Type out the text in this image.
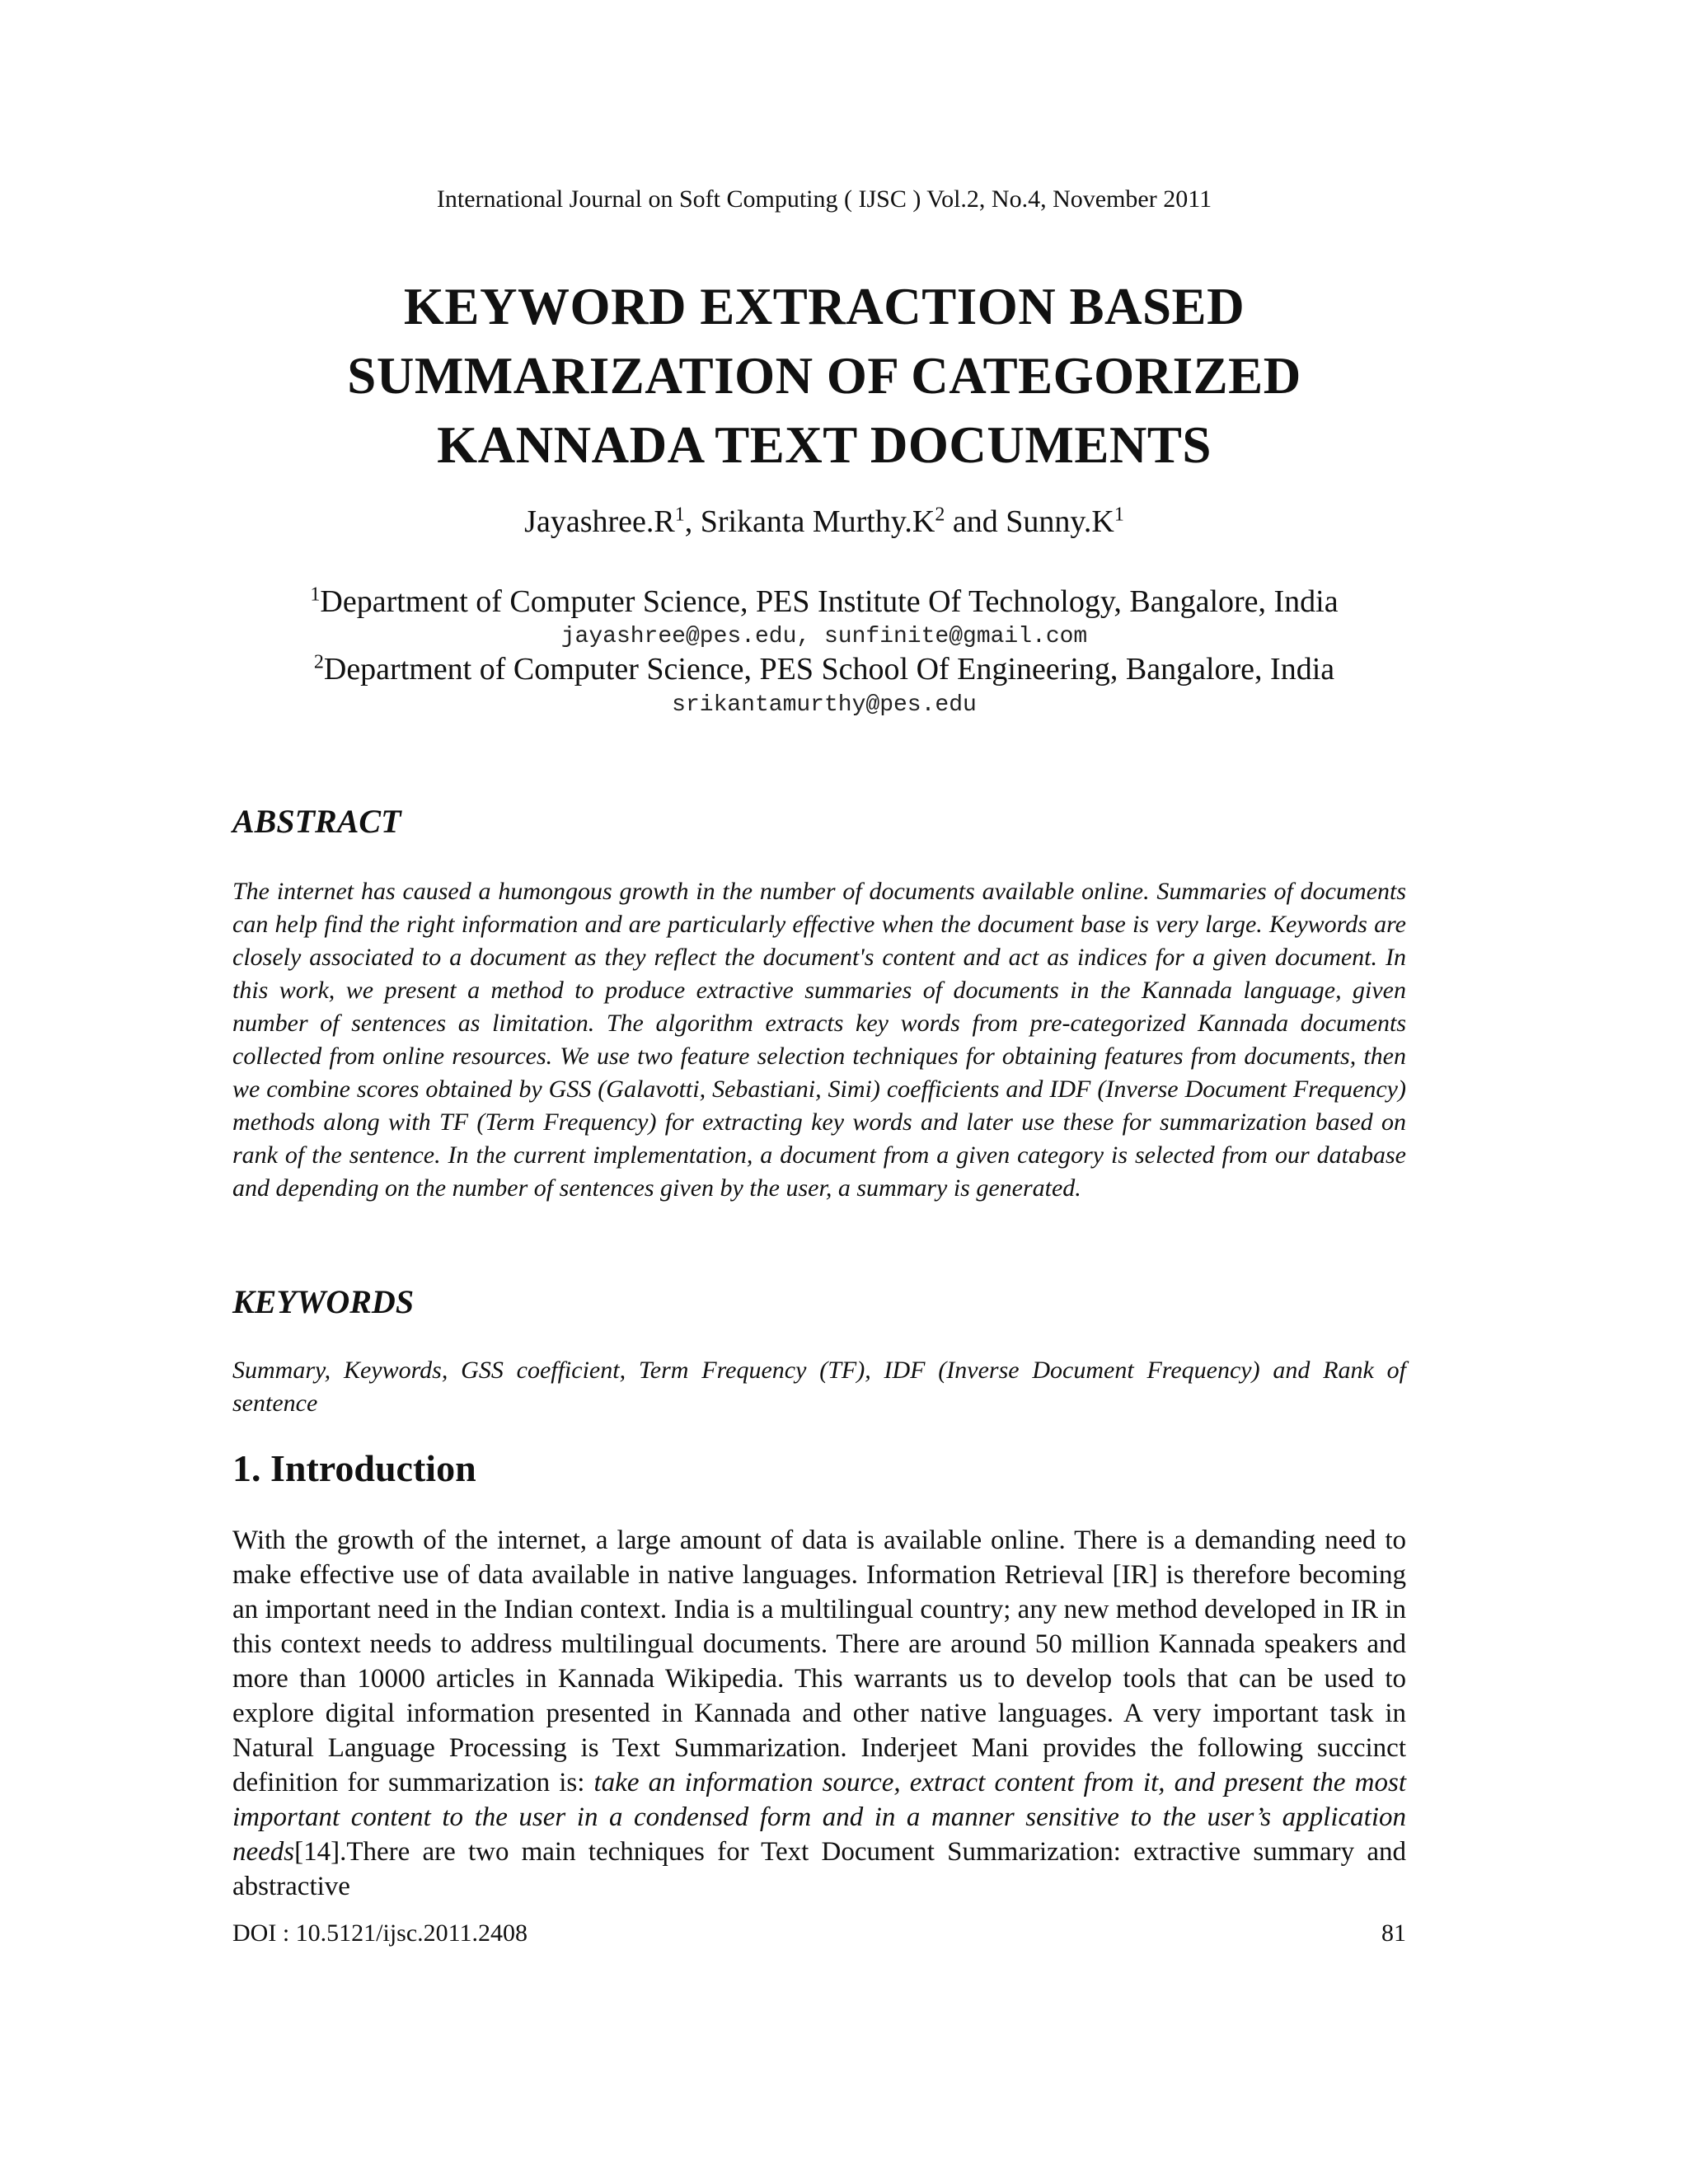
International Journal on Soft Computing ( IJSC ) Vol.2, No.4, November 2011
KEYWORD EXTRACTION BASED
SUMMARIZATION OF CATEGORIZED
KANNADA TEXT DOCUMENTS
$Jayashree.R^1$, Srikanta $Murthy.K^2$ and $Sunny.K^1$
$^1$Department of Computer Science, PES Institute Of Technology, Bangalore, India
jayashree@pes.edu, sunfinite@gmail.com
$^2$Department of Computer Science, PES School Of Engineering, Bangalore, India
srikantamurthy@pes.edu
ABSTRACT
The internet has caused a humongous growth in the number of documents available online. Summaries of documents can help find the right information and are particularly effective when the document base is very large. Keywords are closely associated to a document as they reflect the document's content and act as indices for a given document. In this work, we present a method to produce extractive summaries of documents in the Kannada language, given number of sentences as limitation. The algorithm extracts key words from pre-categorized Kannada documents collected from online resources. We use two feature selection techniques for obtaining features from documents, then we combine scores obtained by GSS (Galavotti, Sebastiani, Simi) coefficients and IDF (Inverse Document Frequency) methods along with TF (Term Frequency) for extracting key words and later use these for summarization based on rank of the sentence. In the current implementation, a document from a given category is selected from our database and depending on the number of sentences given by the user, a summary is generated.
KEYWORDS
Summary, Keywords, GSS coefficient, Term Frequency (TF), IDF (Inverse Document Frequency) and Rank of sentence
1. Introduction
With the growth of the internet, a large amount of data is available online. There is a demanding need to make effective use of data available in native languages. Information Retrieval [IR] is therefore becoming an important need in the Indian context. India is a multilingual country; any new method developed in IR in this context needs to address multilingual documents. There are around 50 million Kannada speakers and more than 10000 articles in Kannada Wikipedia. This warrants us to develop tools that can be used to explore digital information presented in Kannada and other native languages. A very important task in Natural Language Processing is Text Summarization. Inderjeet Mani provides the following succinct definition for summarization is: take an information source, extract content from it, and present the most important content to the user in a condensed form and in a manner sensitive to the user’s application needs[14].There are two main techniques for Text Document Summarization: extractive summary and abstractive
DOI : 10.5121/ijsc.2011.2408	81
